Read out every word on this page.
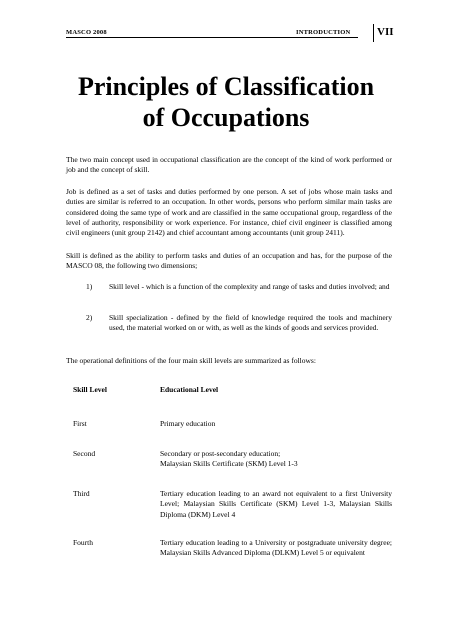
MASCO 2008	INTRODUCTION VII
Principles of Classification
of Occupations
The two main concept used in occupational classification are the concept of the kind of work performed or job and the concept of skill.
Job is defined as a set of tasks and duties performed by one person. A set of jobs whose main tasks and duties are similar is referred to an occupation. In other words, persons who perform similar main tasks are considered doing the same type of work and are classified in the same occupational group, regardless of the level of authority, responsibility or work experience. For instance, chief civil engineer is classified among civil engineers (unit group 2142) and chief accountant among accountants (unit group 2411).
Skill is defined as the ability to perform tasks and duties of an occupation and has, for the purpose of the MASCO 08, the following two dimensions;
1) Skill level - which is a function of the complexity and range of tasks and duties involved; and
2) Skill specialization - defined by the field of knowledge required the tools and machinery used, the material worked on or with, as well as the kinds of goods and services provided.
The operational definitions of the four main skill levels are summarized as follows:
Skill Level	Educational Level
First	Primary education
Second	Secondary or post-secondary education;
Malaysian Skills Certificate (SKM) Level 1-3
Third	Tertiary education leading to an award not equivalent to a first University Level; Malaysian Skills Certificate (SKM) Level 1-3, Malaysian Skills Diploma (DKM) Level 4
Fourth	Tertiary education leading to a University or postgraduate university degree; Malaysian Skills Advanced Diploma (DLKM) Level 5 or equivalent
